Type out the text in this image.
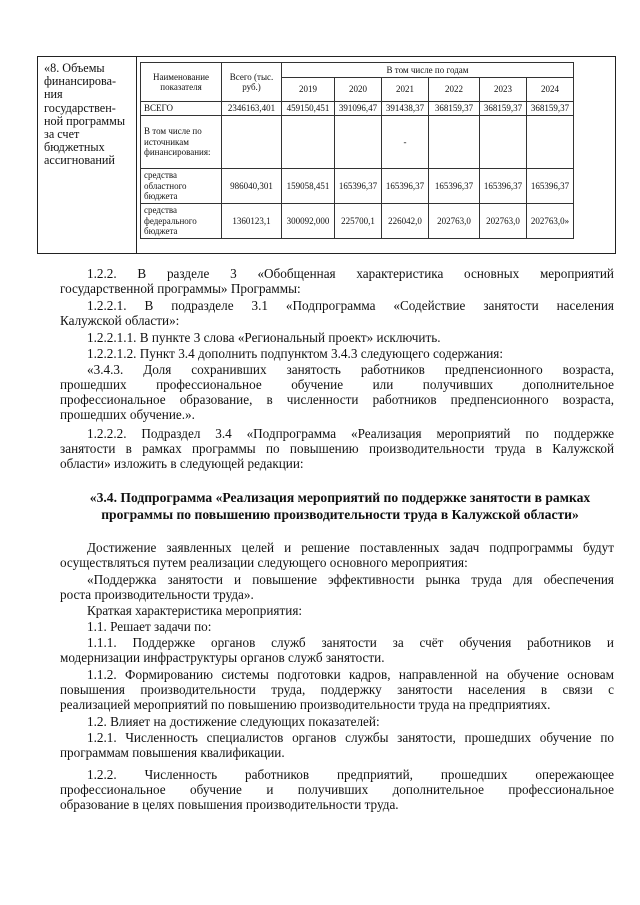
«8. Объемы
финансирова-
ния
государствен-
ной программы
за счет
бюджетных
ассигнований
Наименование показателя	Всего (тыс. руб.)	В том числе по годам					
		2019	2020	2021	2022	2023	2024
ВСЕГО	2346163,401	459150,451	391096,47	391438,37	368159,37	368159,37	368159,37
В том числе по источникам финансирования:				-			
средства областного бюджета	986040,301	159058,451	165396,37	165396,37	165396,37	165396,37	165396,37
средства федерального бюджета	1360123,1	300092,000	225700,1	226042,0	202763,0	202763,0	202763,0»
1.2.2. В разделе 3 «Обобщенная характеристика основных мероприятий
государственной программы» Программы:
1.2.2.1. В подразделе 3.1 «Подпрограмма «Содействие занятости населения
Калужской области»:
1.2.2.1.1. В пункте 3 слова «Региональный проект» исключить.
1.2.2.1.2. Пункт 3.4 дополнить подпунктом 3.4.3 следующего содержания:
«3.4.3. Доля сохранивших занятость работников предпенсионного возраста,
прошедших профессиональное обучение или получивших дополнительное
профессиональное образование, в численности работников предпенсионного возраста,
прошедших обучение.».
1.2.2.2. Подраздел 3.4 «Подпрограмма «Реализация мероприятий по поддержке
занятости в рамках программы по повышению производительности труда в Калужской
области» изложить в следующей редакции:
«3.4. Подпрограмма «Реализация мероприятий по поддержке занятости в рамках
программы по повышению производительности труда в Калужской области»
Достижение заявленных целей и решение поставленных задач подпрограммы будут
осуществляться путем реализации следующего основного мероприятия:
«Поддержка занятости и повышение эффективности рынка труда для обеспечения
роста производительности труда».
Краткая характеристика мероприятия:
1.1. Решает задачи по:
1.1.1. Поддержке органов служб занятости за счёт обучения работников и
модернизации инфраструктуры органов служб занятости.
1.1.2. Формированию системы подготовки кадров, направленной на обучение основам
повышения производительности труда, поддержку занятости населения в связи с
реализацией мероприятий по повышению производительности труда на предприятиях.
1.2. Влияет на достижение следующих показателей:
1.2.1. Численность специалистов органов службы занятости, прошедших обучение по
программам повышения квалификации.
1.2.2. Численность работников предприятий, прошедших опережающее
профессиональное обучение и получивших дополнительное профессиональное
образование в целях повышения производительности труда.
